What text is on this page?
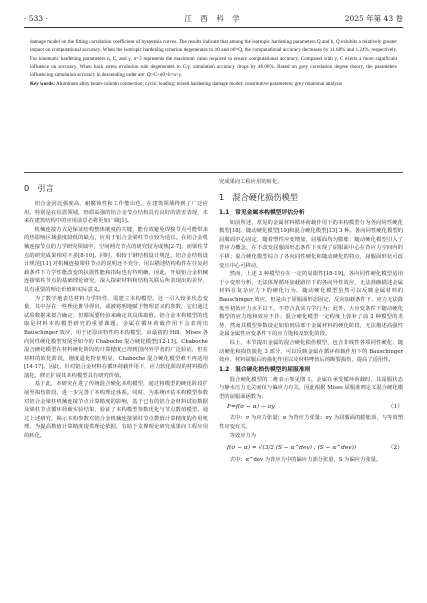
· 533 ·	江 西 科 学	2025 年第 43 卷

damage model on the fitting correlation coefficient of hysteresis curves. The results indicate that among the isotropic hardening parameters Q and b, Q exhibits a relatively greater impact on computational accuracy. When the isotropic hardening criterion degenerates to σ0 and σ0=Q, the computational accuracy decreases by 11.68% and 1.24%, respectively. For kinematic hardening parameters n, C, and γ, n=3 represents the maximum value required to ensure computational accuracy. Compared with γ, C exerts a more significant influence on accuracy. When back stress evolution rule degenerates to C/γ, simulation accuracy drops by 48.06%. Based on grey correlation degree theory, the parameters influencing simulation accuracy in descending order are: Q>C>σ0>b>n>γ.

Key words: Aluminum alloy beam-column connection; cyclic loading; mixed hardening damage model; constitutive parameters; grey relational analysis

0　引言

铝合金因比强度高、耐腐蚀性和工作能出色，在建筑领域得到了广泛应用。特别是在抗震领域，轻质高强的铝合金节点结构具有良好的震害表现，未来在建筑结构中的应用前景必将更加广阔[1]。

机械连接方式是保证结构整体刚度的关键，能有效避免焊接节点可能带来的热影响区域强度降低的缺点，应用于铝合金梁柱节点较为适宜。在铝合金机械连接节点的力学研究领域中，空间网壳节点的研究较为成熟[2-7]，而梁柱节点的研究成果相对不多[8-10]。同时，相较于钢结构设计规范，铝合金结构设计规范[11] 对机械连接梁柱节点的说明还不充分，用以描述结构构件在往复荷载条件下力学性能改变的抗震性能和指标也有待明确。因此，开展铝合金机械连接梁柱节点的基础理论研究，深入探索材料和结构关联后所表现出的差异，具有重要的理论价值和实际意义。

为了数学地表达材料力学特性，需建立本构模型。这一引入较多状态变量，其中存在一些理论推导得出，或被将明地赋予物理意义的参数，它们通过试验数据来拟合确定；但都需要经验来确定其具体取值。铝合金本构模型的选取是材料本构模型研究的重要课题。金属在循环荷载作用下会表现出 Bauschinger 效应，用于还原该特性的本构模型，由最初的 Hill、Mises 各向同性硬化模型发展至如今的 Chaboche 混合硬化模型[12-13]。Chaboche 混合硬化模型在材料硬化阶段的计算精度已得到国内外学者的广泛验证，但在材料的软化阶段，刚度退化特征明显，Chaboche 混合硬化模型难不再适用[14-17]。因此，针对铝合金材料在循环荷载作用下，应力软化阶段的材料损伤演化，修正扩展其本构模型具有研究价值。

基于此，本研究在进了传统混合硬化本构模型，通过将模型的硬化阶段扩展至损伤阶段，进一步完善了本构理论体系。同时，为系统评估本构模型参数对铝合金梁柱机械连接节点计算精度的影响，基于已有的铝合金材料试验数据及梁柱节点循环荷载实验结果，验证了本构模型参数优化与节点数值模型。通过上述研究，揭示本构参数对铝合金机械连接梁柱节点数值计算精度的作用机理，为提高数值计算精度提供理论依据，有助于支撑理论研究成果向工程应用的转化。

究成果向工程应用的转化。

1　混合硬化损伤模型
1.1　常见金属本构模型评估分析

如前所述，常见的金属材料循环荷载作用下的本构模型分为各向同性硬化模型[18]、随动硬化模型[19]和混合硬化模型[13] 3 种。各向同性硬化模型的屈服面中心固定，随着塑性应变增加，屈服面均匀膨胀；随动硬化模型引入了背应力概念，在不改变屈服面形态条件下实现了屈服面中心在背应力空间内的平移；混合硬化模型综合了各向同性硬化和随动硬化的特点，屈服面形状可改变且中心可移动。

然而，上述 3 种模型存在一定的局限性[18-19]。各向同性硬化模型适用于小变形分析，无法体现循环加载路径下的各向异性效应，无法准确描述金属材料在复杂应力下的硬化行为。随动硬化模型虽然可以反映金属材料的 Bauschinger 效应，但是由于屈服面形态固定，反向加载条件下，应力无法降低至初始应力水平以下，不符合真实力学行为；此外，大应变条件下随动硬化模型的应力饱和效应不佳；混合硬化模型一定程度上弥补了前 2 种模型的劣势，然而其模型参数设定如恰到局部于金属材料的硬化阶段，无法描述高强性金属金属性应变条件下的应力饱和及软化阶段。

综上，本节提出金属的混合硬化损伤模型，包含非线性各项同性硬化、随动硬化和损伤演化 3 部分，可以反映金属在循环荷载作用下的 Bauschinger 效应、材料屈服后的强化作用以及材料啤值后的断裂损伤，提高了适用性。

1.2　混合硬化损伤模型的屈服准则

混合硬化模型的二维表示参见图 1。金属在承受循环荷载时，其屈服状态与静水压力无关而仅与偏应力有关，因此根据 Mises 屈服准则定义混合硬化模型的屈服面函数为：

F=f(σ − α) − σy	（1）

式中：σ 为应力张量；α 为背应力张量；σy 为屈服面的膨胀项，与等效塑性应变有关。

等效应力为

f(σ − α) = √(3/2 (S − α^dev) : (S − α^dev))	（2）

式中：α^dev 为背应力中的偏应力部分张量，S 为偏应力张量。
